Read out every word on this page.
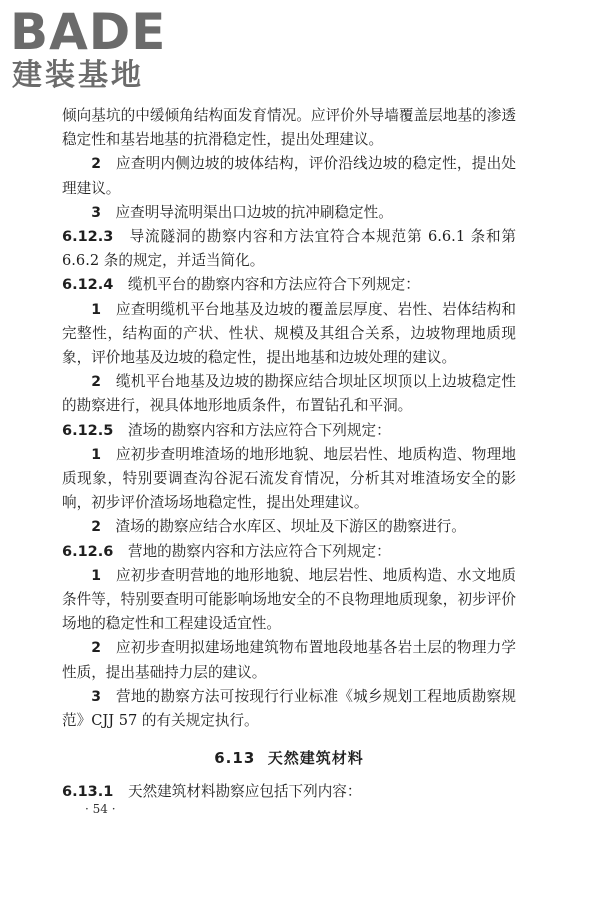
BADE
建装基地

倾向基坑的中缓倾角结构面发育情况。应评价外导墙覆盖层地基的渗透稳定性和基岩地基的抗滑稳定性，提出处理建议。

2　 应查明内侧边坡的坡体结构，评价沿线边坡的稳定性，提出处理建议。

3　 应查明导流明渠出口边坡的抗冲刷稳定性。

6.12.3　 导流隧洞的勘察内容和方法宜符合本规范第 6.6.1 条和第 6.6.2 条的规定，并适当简化。

6.12.4　 缆机平台的勘察内容和方法应符合下列规定：

1　 应查明缆机平台地基及边坡的覆盖层厚度、岩性、岩体结构和完整性，结构面的产状、性状、规模及其组合关系，边坡物理地质现象，评价地基及边坡的稳定性，提出地基和边坡处理的建议。

2　 缆机平台地基及边坡的勘探应结合坝址区坝顶以上边坡稳定性的勘察进行，视具体地形地质条件，布置钻孔和平洞。

6.12.5　 渣场的勘察内容和方法应符合下列规定：

1　 应初步查明堆渣场的地形地貌、地层岩性、地质构造、物理地质现象，特别要调查沟谷泥石流发育情况，分析其对堆渣场安全的影响，初步评价渣场场地稳定性，提出处理建议。

2　 渣场的勘察应结合水库区、坝址及下游区的勘察进行。

6.12.6　 营地的勘察内容和方法应符合下列规定：

1　 应初步查明营地的地形地貌、地层岩性、地质构造、水文地质条件等，特别要查明可能影响场地安全的不良物理地质现象，初步评价场地的稳定性和工程建设适宜性。

2　 应初步查明拟建场地建筑物布置地段地基各岩土层的物理力学性质，提出基础持力层的建议。

3　 营地的勘察方法可按现行行业标准《城乡规划工程地质勘察规范》CJJ 57 的有关规定执行。

6.13 天然建筑材料

6.13.1　 天然建筑材料勘察应包括下列内容：

· 54 ·
